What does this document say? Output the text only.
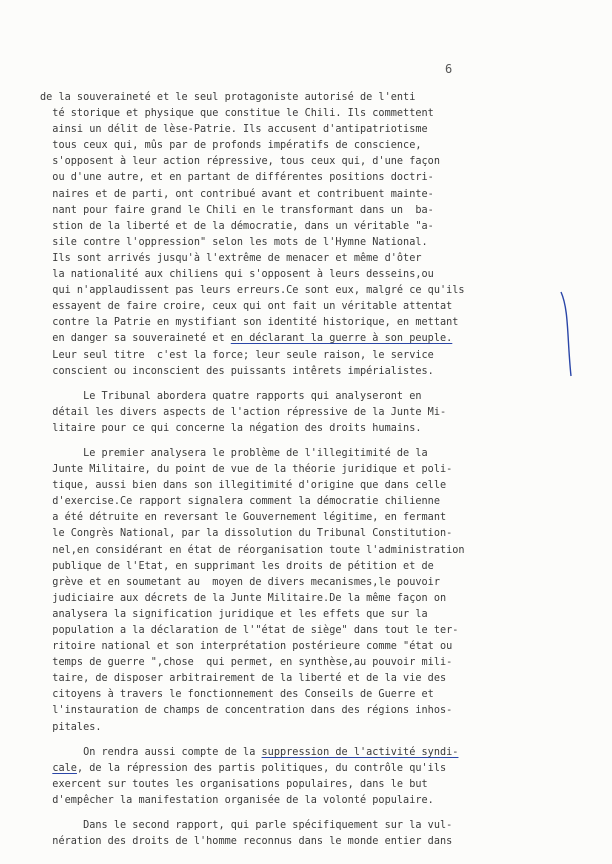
6
de la souveraineté et le seul protagoniste autorisé de l'enti
té storique et physique que constitue le Chili. Ils commettent
ainsi un délit de lèse-Patrie. Ils accusent d'antipatriotisme
tous ceux qui, mûs par de profonds impératifs de conscience,
s'opposent à leur action répressive, tous ceux qui, d'une façon
ou d'une autre, et en partant de différentes positions doctri-
naires et de parti, ont contribué avant et contribuent mainte-
nant pour faire grand le Chili en le transformant dans un  ba-
stion de la liberté et de la démocratie, dans un véritable "a-
sile contre l'oppression" selon les mots de l'Hymne National.
Ils sont arrivés jusqu'à l'extrême de menacer et même d'ôter
la nationalité aux chiliens qui s'opposent à leurs desseins,ou
qui n'applaudissent pas leurs erreurs.Ce sont eux, malgré ce qu'ils
essayent de faire croire, ceux qui ont fait un véritable attentat
contre la Patrie en mystifiant son identité historique, en mettant
en danger sa souveraineté et en déclarant la guerre à son peuple.
Leur seul titre  c'est la force; leur seule raison, le service
conscient ou inconscient des puissants intêrets impérialistes.
Le Tribunal abordera quatre rapports qui analyseront en
détail les divers aspects de l'action répressive de la Junte Mi-
litaire pour ce qui concerne la négation des droits humains.
Le premier analysera le problème de l'illegitimité de la
Junte Militaire, du point de vue de la théorie juridique et poli-
tique, aussi bien dans son illegitimité d'origine que dans celle
d'exercise.Ce rapport signalera comment la démocratie chilienne
a été détruite en reversant le Gouvernement légitime, en fermant
le Congrès National, par la dissolution du Tribunal Constitution-
nel,en considérant en état de réorganisation toute l'administration
publique de l'Etat, en supprimant les droits de pétition et de
grève et en soumetant au  moyen de divers mecanismes,le pouvoir
judiciaire aux décrets de la Junte Militaire.De la même façon on
analysera la signification juridique et les effets que sur la
population a la déclaration de l'"état de siège" dans tout le ter-
ritoire national et son interprétation postérieure comme "état ou
temps de guerre ",chose  qui permet, en synthèse,au pouvoir mili-
taire, de disposer arbitrairement de la liberté et de la vie des
citoyens à travers le fonctionnement des Conseils de Guerre et
l'instauration de champs de concentration dans des régions inhos-
pitales.
On rendra aussi compte de la suppression de l'activité syndi-
cale, de la répression des partis politiques, du contrôle qu'ils
exercent sur toutes les organisations populaires, dans le but
d'empêcher la manifestation organisée de la volonté populaire.
Dans le second rapport, qui parle spécifiquement sur la vul-
nération des droits de l'homme reconnus dans le monde entier dans
